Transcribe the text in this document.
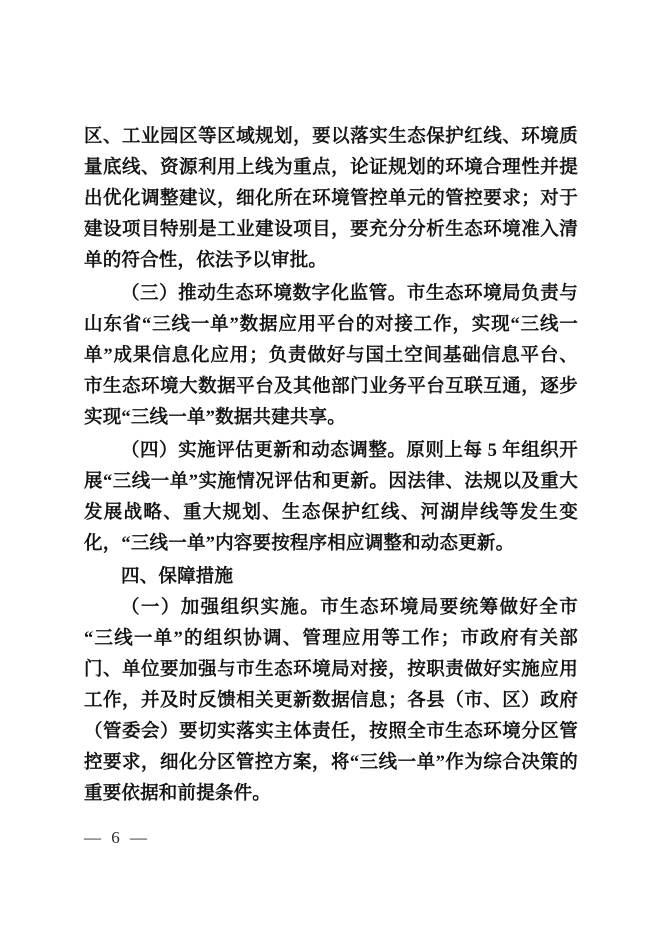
区、工业园区等区域规划，要以落实生态保护红线、环境质量底线、资源利用上线为重点，论证规划的环境合理性并提出优化调整建议，细化所在环境管控单元的管控要求；对于建设项目特别是工业建设项目，要充分分析生态环境准入清单的符合性，依法予以审批。

（三）推动生态环境数字化监管。市生态环境局负责与山东省“三线一单”数据应用平台的对接工作，实现“三线一单”成果信息化应用；负责做好与国土空间基础信息平台、市生态环境大数据平台及其他部门业务平台互联互通，逐步实现“三线一单”数据共建共享。

（四）实施评估更新和动态调整。原则上每 5 年组织开展“三线一单”实施情况评估和更新。因法律、法规以及重大发展战略、重大规划、生态保护红线、河湖岸线等发生变化，“三线一单”内容要按程序相应调整和动态更新。

四、保障措施

（一）加强组织实施。市生态环境局要统筹做好全市“三线一单”的组织协调、管理应用等工作；市政府有关部门、单位要加强与市生态环境局对接，按职责做好实施应用工作，并及时反馈相关更新数据信息；各县（市、区）政府（管委会）要切实落实主体责任，按照全市生态环境分区管控要求，细化分区管控方案，将“三线一单”作为综合决策的重要依据和前提条件。

— 6 —
